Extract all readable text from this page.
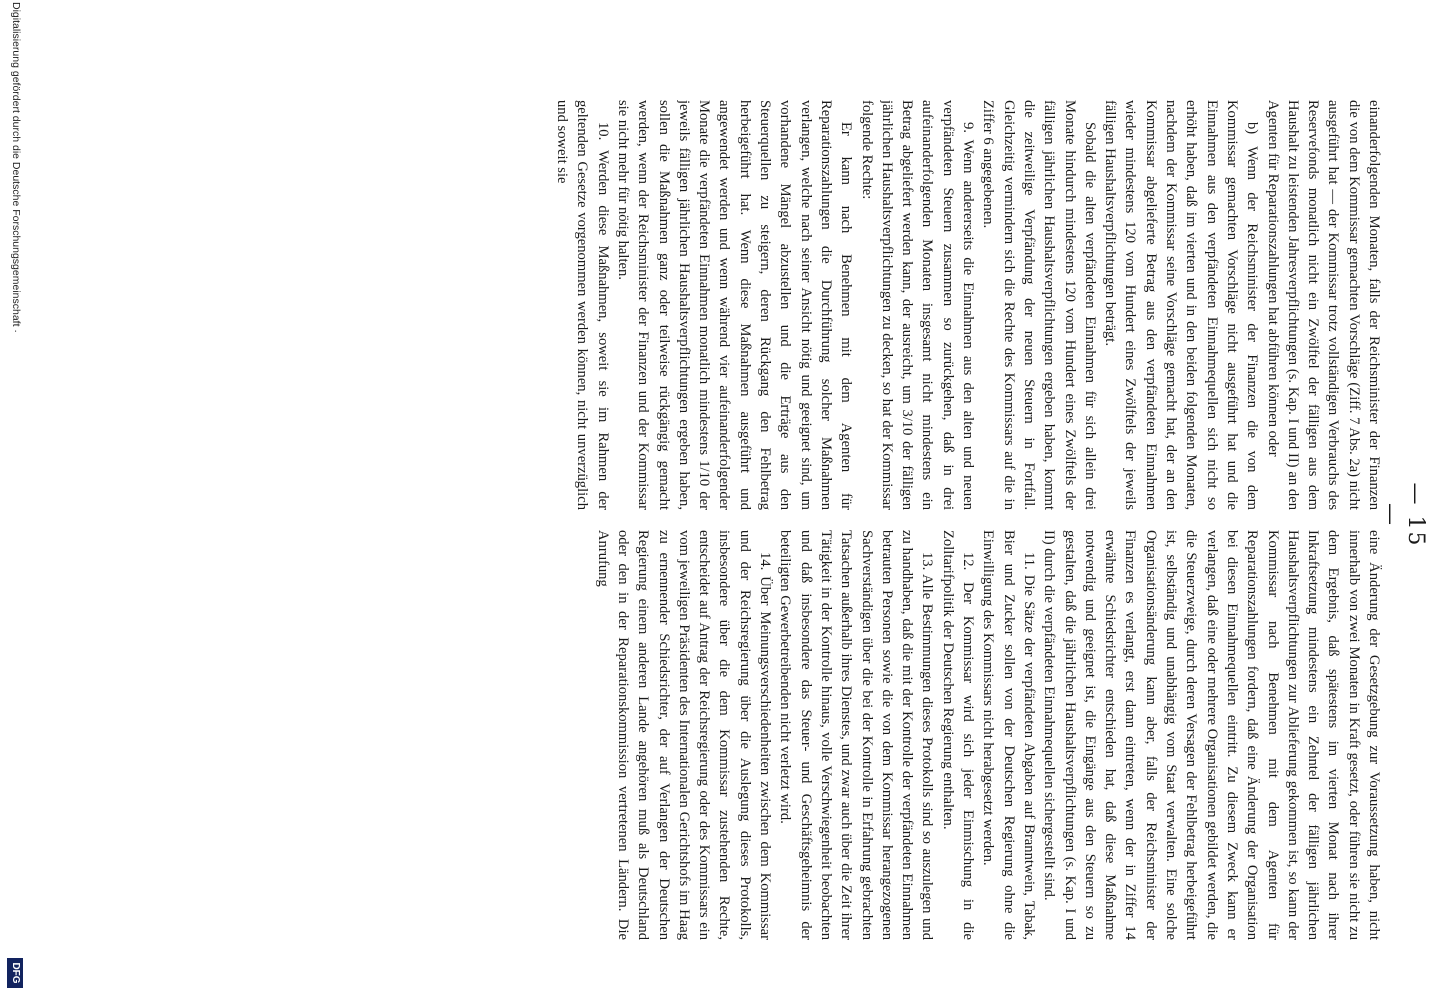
— 15 —

einanderfolgenden Monaten, falls der Reichsminister der Finanzen die von dem Kommissar gemachten Vorschläge (Ziff. 7 Abs. 2a) nicht ausgeführt hat — der Kommissar trotz vollständigen Verbrauchs des Reservefonds monatlich nicht ein Zwölftel der fälligen aus dem Haushalt zu leistenden Jahresverpflichtungen (s. Kap. I und II) an den Agenten für Reparationszahlungen hat abführen können oder

b) Wenn der Reichsminister der Finanzen die von dem Kommissar gemachten Vorschläge nicht ausgeführt hat und die Einnahmen aus den verpfändeten Einnahmequellen sich nicht so erhöht haben, daß im vierten und in den beiden folgenden Monaten, nachdem der Kommissar seine Vorschläge gemacht hat, der an den Kommissar abgelieferte Betrag aus den verpfändeten Einnahmen wieder mindestens 120 vom Hundert eines Zwölftels der jeweils fälligen Haushaltsverpflichtungen beträgt.

Sobald die alten verpfändeten Einnahmen für sich allein drei Monate hindurch mindestens 120 vom Hundert eines Zwölftels der fälligen jährlichen Haushaltsverpflichtungen ergeben haben, kommt die zeitweilige Verpfändung der neuen Steuern in Fortfall. Gleichzeitig vermindern sich die Rechte des Kommissars auf die in Ziffer 6 angegebenen.

9. Wenn andererseits die Einnahmen aus den alten und neuen verpfändeten Steuern zusammen so zurückgehen, daß in drei aufeinanderfolgenden Monaten insgesamt nicht mindestens ein Betrag abgeliefert werden kann, der ausreicht, um 3/10 der fälligen jährlichen Haushaltsverpflichtungen zu decken, so hat der Kommissar folgende Rechte:

Er kann nach Benehmen mit dem Agenten für Reparationszahlungen die Durchführung solcher Maßnahmen verlangen, welche nach seiner Ansicht nötig und geeignet sind, um vorhandene Mängel abzustellen und die Erträge aus den Steuerquellen zu steigern, deren Rückgang den Fehlbetrag herbeigeführt hat. Wenn diese Maßnahmen ausgeführt und angewendet werden und wenn während vier aufeinanderfolgender Monate die verpfändeten Einnahmen monatlich mindestens 1/10 der jeweils fälligen jährlichen Haushaltsverpflichtungen ergeben haben, sollen die Maßnahmen ganz oder teilweise rückgängig gemacht werden, wenn der Reichsminister der Finanzen und der Kommissar sie nicht mehr für nötig halten.

10. Werden diese Maßnahmen, soweit sie im Rahmen der geltenden Gesetze vorgenommen werden können, nicht unverzüglich und soweit sie

eine Änderung der Gesetzgebung zur Voraussetzung haben, nicht innerhalb von zwei Monaten in Kraft gesetzt, oder führen sie nicht zu dem Ergebnis, daß spätestens im vierten Monat nach ihrer Inkraftsetzung mindestens ein Zehntel der fälligen jährlichen Haushaltsverpflichtungen zur Ablieferung gekommen ist, so kann der Kommissar nach Benehmen mit dem Agenten für Reparationszahlungen fordern, daß eine Änderung der Organisation bei diesen Einnahmequellen eintritt. Zu diesem Zweck kann er verlangen, daß eine oder mehrere Organisationen gebildet werden, die die Steuerzweige, durch deren Versagen der Fehlbetrag herbeigeführt ist, selbständig und unabhängig vom Staat verwalten. Eine solche Organisationsänderung kann aber, falls der Reichsminister der Finanzen es verlangt, erst dann eintreten, wenn der in Ziffer 14 erwähnte Schiedsrichter entschieden hat, daß diese Maßnahme notwendig und geeignet ist, die Eingänge aus den Steuern so zu gestalten, daß die jährlichen Haushaltsverpflichtungen (s. Kap. I und II) durch die verpfändeten Einnahmequellen sichergestellt sind.

11. Die Sätze der verpfändeten Abgaben auf Branntwein, Tabak, Bier und Zucker sollen von der Deutschen Regierung ohne die Einwilligung des Kommissars nicht herabgesetzt werden.

12. Der Kommissar wird sich jeder Einmischung in die Zolltarifpolitik der Deutschen Regierung enthalten.

13. Alle Bestimmungen dieses Protokolls sind so auszulegen und zu handhaben, daß die mit der Kontrolle der verpfändeten Einnahmen betrauten Personen sowie die von dem Kommissar herangezogenen Sachverständigen über die bei der Kontrolle in Erfahrung gebrachten Tatsachen außerhalb ihres Dienstes, und zwar auch über die Zeit ihrer Tätigkeit in der Kontrolle hinaus, volle Verschwiegenheit beobachten und daß insbesondere das Steuer- und Geschäftsgeheimnis der beteiligten Gewerbetreibenden nicht verletzt wird.

14. Über Meinungsverschiedenheiten zwischen dem Kommissar und der Reichsregierung über die Auslegung dieses Protokolls, insbesondere über die dem Kommissar zustehenden Rechte, entscheidet auf Antrag der Reichsregierung oder des Kommissars ein vom jeweiligen Präsidenten des Internationalen Gerichtshofs im Haag zu ernennender Schiedsrichter, der auf Verlangen der Deutschen Regierung einem anderen Lande angehören muß als Deutschland oder den in der Reparationskommission vertretenen Ländern. Die Anrufung

Digitalisierung gefördert durch die Deutsche Forschungsgemeinschaft ·
DFG
